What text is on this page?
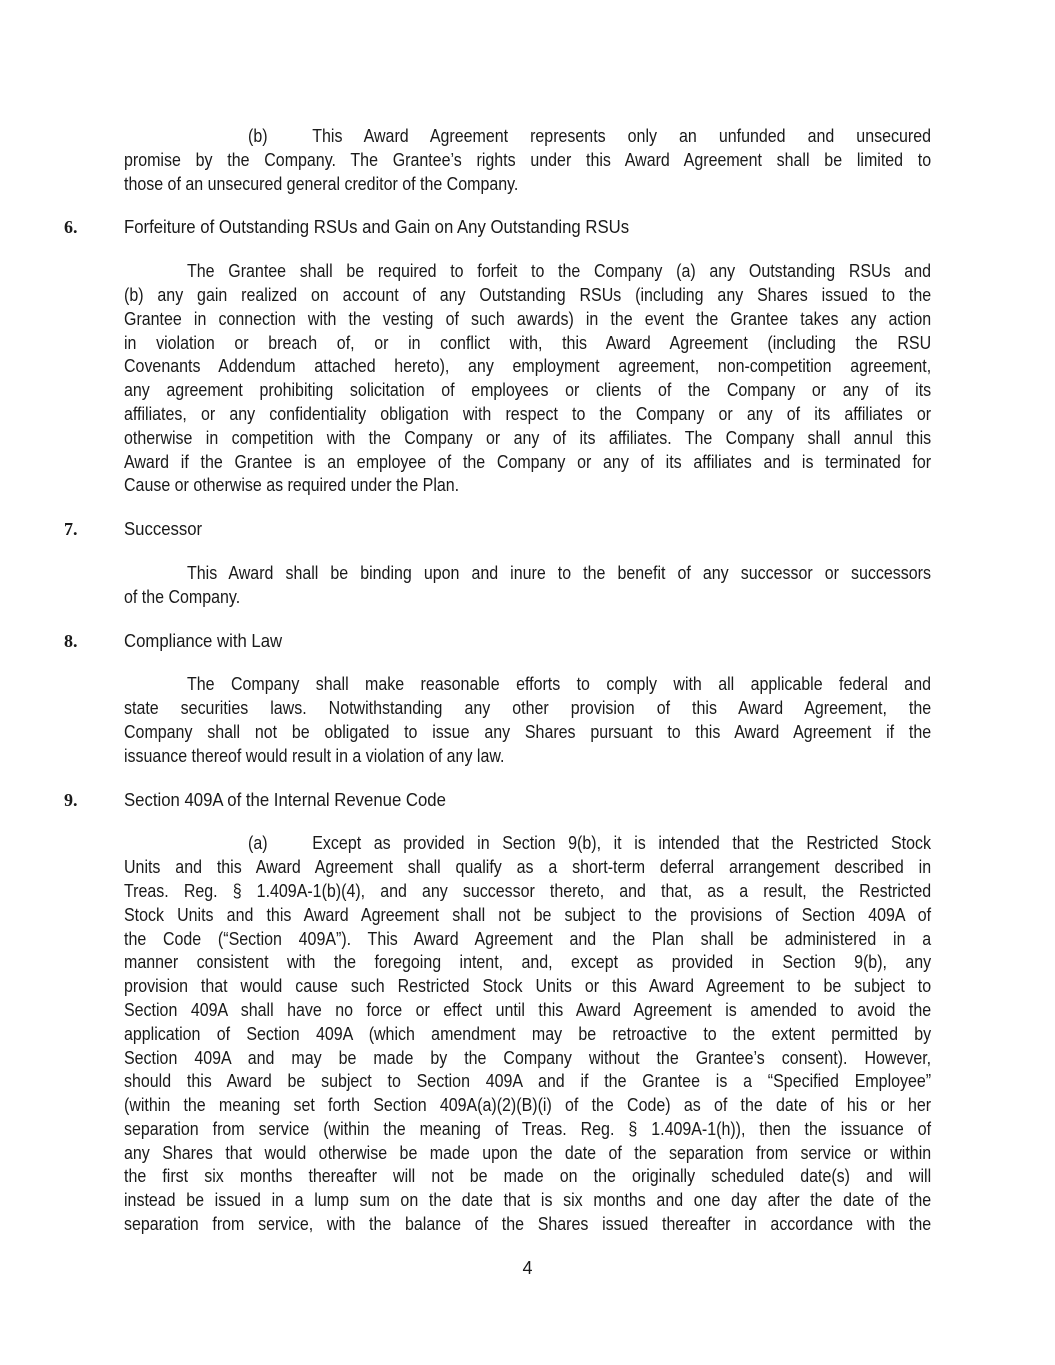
(b) This Award Agreement represents only an unfunded and unsecured
promise by the Company. The Grantee’s rights under this Award Agreement shall be limited to
those of an unsecured general creditor of the Company.
6.	Forfeiture of Outstanding RSUs and Gain on Any Outstanding RSUs
The Grantee shall be required to forfeit to the Company (a) any Outstanding RSUs and
(b) any gain realized on account of any Outstanding RSUs (including any Shares issued to the
Grantee in connection with the vesting of such awards) in the event the Grantee takes any action
in violation or breach of, or in conflict with, this Award Agreement (including the RSU
Covenants Addendum attached hereto), any employment agreement, non-competition agreement,
any agreement prohibiting solicitation of employees or clients of the Company or any of its
affiliates, or any confidentiality obligation with respect to the Company or any of its affiliates or
otherwise in competition with the Company or any of its affiliates. The Company shall annul this
Award if the Grantee is an employee of the Company or any of its affiliates and is terminated for
Cause or otherwise as required under the Plan.
7.	Successor
This Award shall be binding upon and inure to the benefit of any successor or successors
of the Company.
8.	Compliance with Law
The Company shall make reasonable efforts to comply with all applicable federal and
state securities laws. Notwithstanding any other provision of this Award Agreement, the
Company shall not be obligated to issue any Shares pursuant to this Award Agreement if the
issuance thereof would result in a violation of any law.
9.	Section 409A of the Internal Revenue Code
(a) Except as provided in Section 9(b), it is intended that the Restricted Stock
Units and this Award Agreement shall qualify as a short-term deferral arrangement described in
Treas. Reg. § 1.409A-1(b)(4), and any successor thereto, and that, as a result, the Restricted
Stock Units and this Award Agreement shall not be subject to the provisions of Section 409A of
the Code (“Section 409A”). This Award Agreement and the Plan shall be administered in a
manner consistent with the foregoing intent, and, except as provided in Section 9(b), any
provision that would cause such Restricted Stock Units or this Award Agreement to be subject to
Section 409A shall have no force or effect until this Award Agreement is amended to avoid the
application of Section 409A (which amendment may be retroactive to the extent permitted by
Section 409A and may be made by the Company without the Grantee’s consent). However,
should this Award be subject to Section 409A and if the Grantee is a “Specified Employee”
(within the meaning set forth Section 409A(a)(2)(B)(i) of the Code) as of the date of his or her
separation from service (within the meaning of Treas. Reg. § 1.409A-1(h)), then the issuance of
any Shares that would otherwise be made upon the date of the separation from service or within
the first six months thereafter will not be made on the originally scheduled date(s) and will
instead be issued in a lump sum on the date that is six months and one day after the date of the
separation from service, with the balance of the Shares issued thereafter in accordance with the
4
